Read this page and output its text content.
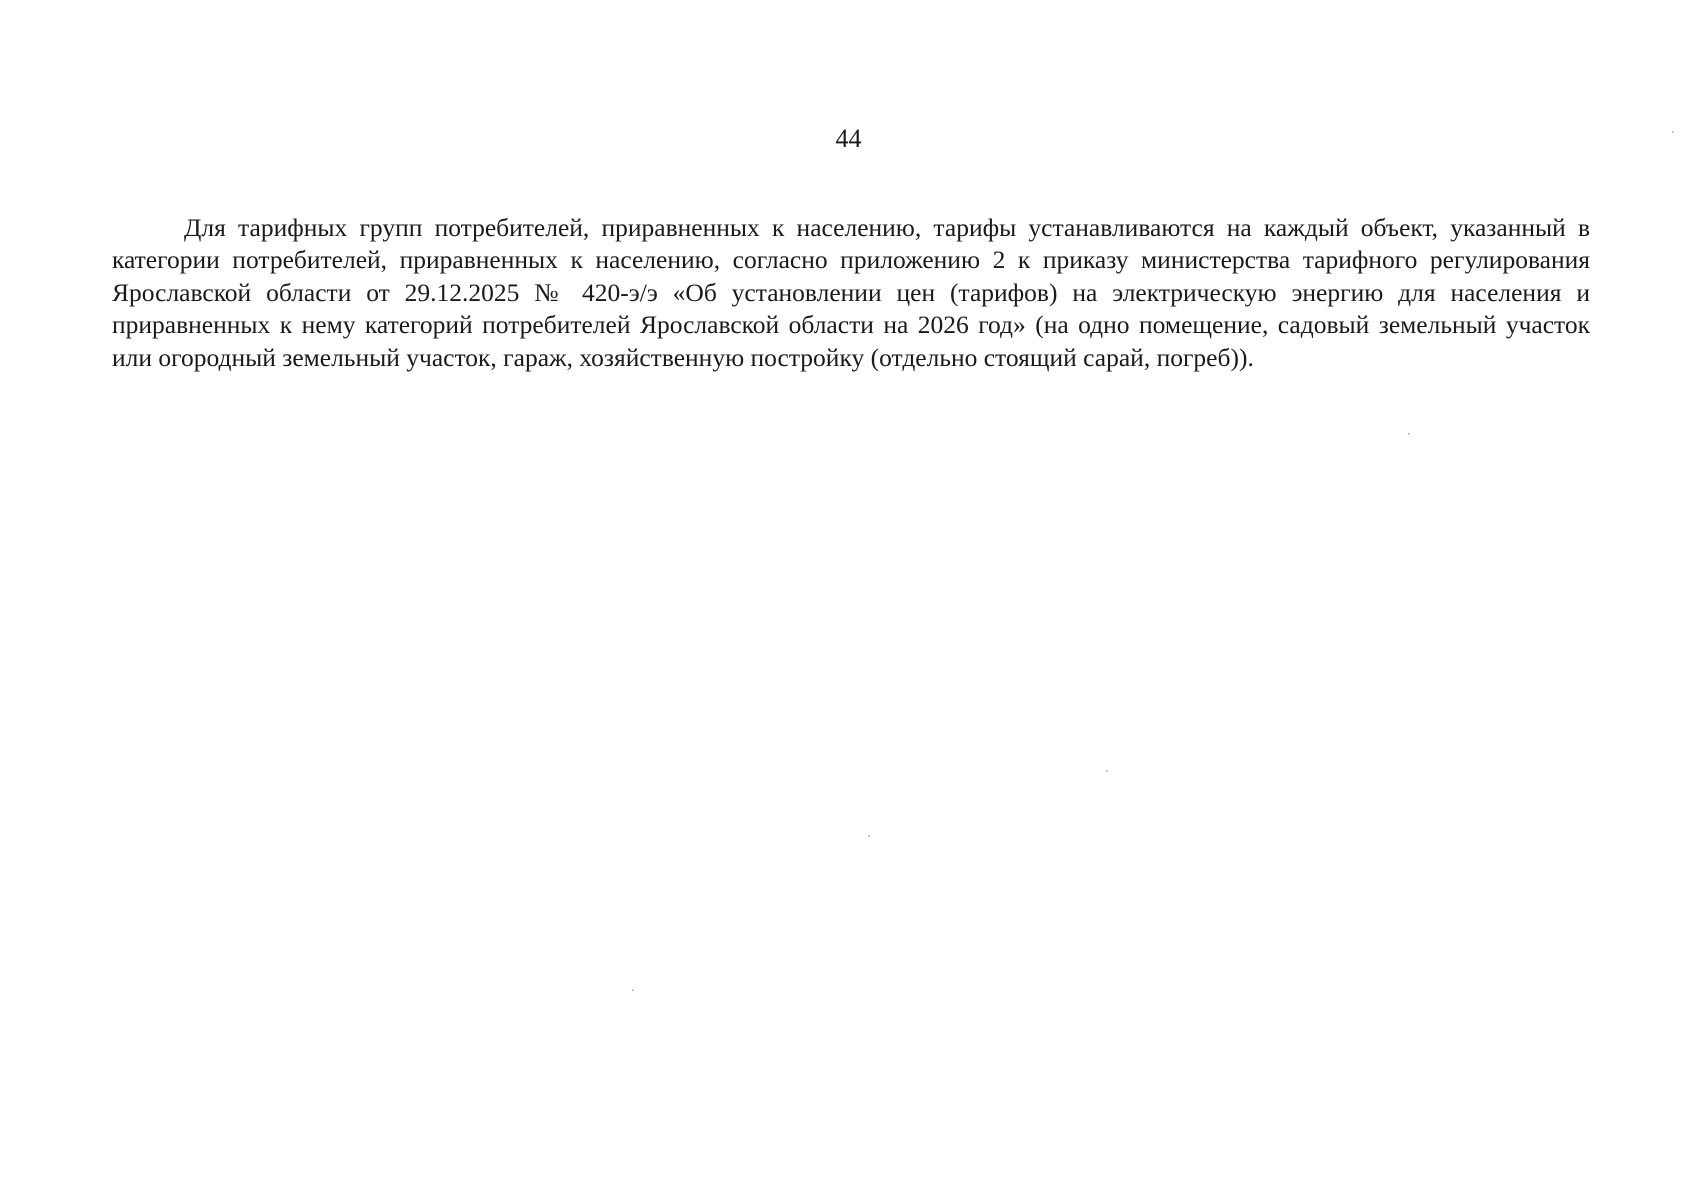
44

Для тарифных групп потребителей, приравненных к населению, тарифы устанавливаются на каждый объект, указанный в категории потребителей, приравненных к населению, согласно приложению 2 к приказу министерства тарифного регулирования Ярославской области от 29.12.2025 № 420-э/э «Об установлении цен (тарифов) на электрическую энергию для населения и приравненных к нему категорий потребителей Ярославской области на 2026 год» (на одно помещение, садовый земельный участок или огородный земельный участок, гараж, хозяйственную постройку (отдельно стоящий сарай, погреб)).
